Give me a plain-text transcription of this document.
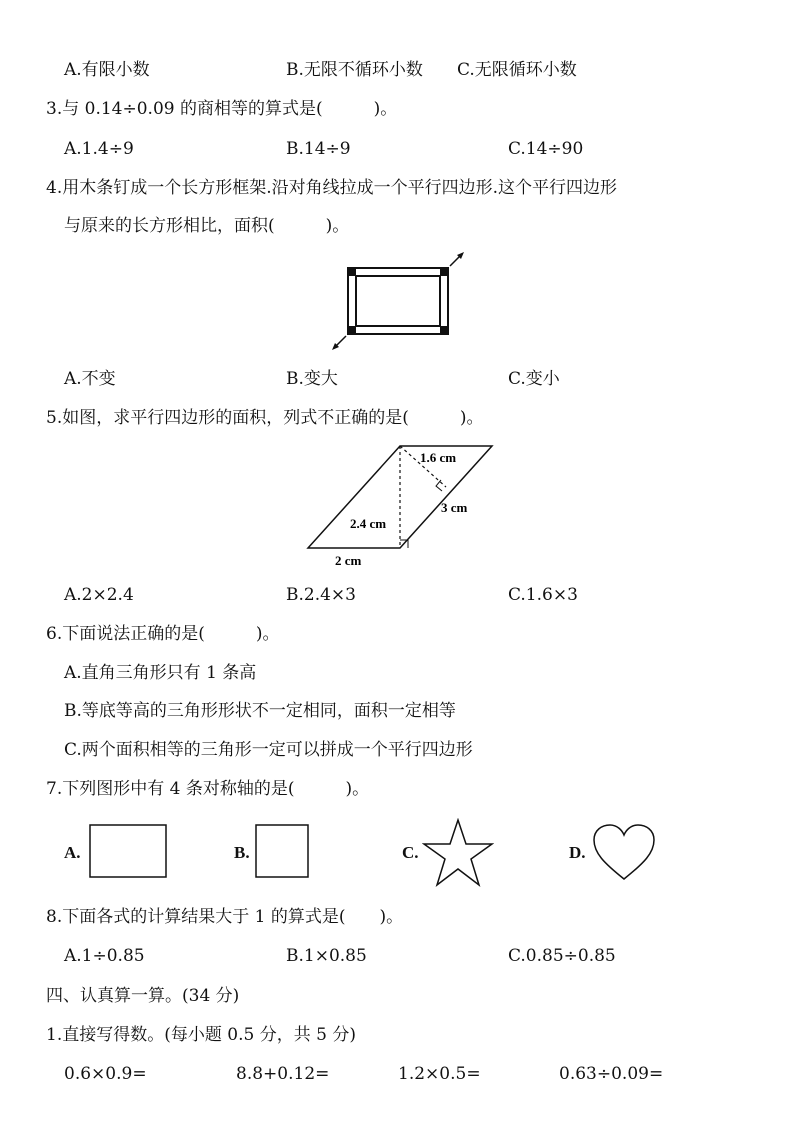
A.有限小数	B.无限不循环小数 C.无限循环小数
3.与 0.14÷0.09 的商相等的算式是(　　　)。
A.1.4÷9	B.14÷9	C.14÷90
4.用木条钉成一个长方形框架.沿对角线拉成一个平行四边形.这个平行四边形
与原来的长方形相比，面积(　　　)。
A.不变	B.变大	C.变小
5.如图，求平行四边形的面积，列式不正确的是(　　　)。
1.6 cm
3 cm
2.4 cm
2 cm
A.2×2.4	B.2.4×3	C.1.6×3
6.下面说法正确的是(　　　)。
A.直角三角形只有 1 条高
B.等底等高的三角形形状不一定相同，面积一定相等
C.两个面积相等的三角形一定可以拼成一个平行四边形
7.下列图形中有 4 条对称轴的是(　　　)。
A.	B.	C.	D.
8.下面各式的计算结果大于 1 的算式是(　　)。
A.1÷0.85	B.1×0.85	C.0.85÷0.85
四、认真算一算。(34 分)
1.直接写得数。(每小题 0.5 分，共 5 分)
0.6×0.9=	8.8+0.12=	1.2×0.5=	0.63÷0.09=
